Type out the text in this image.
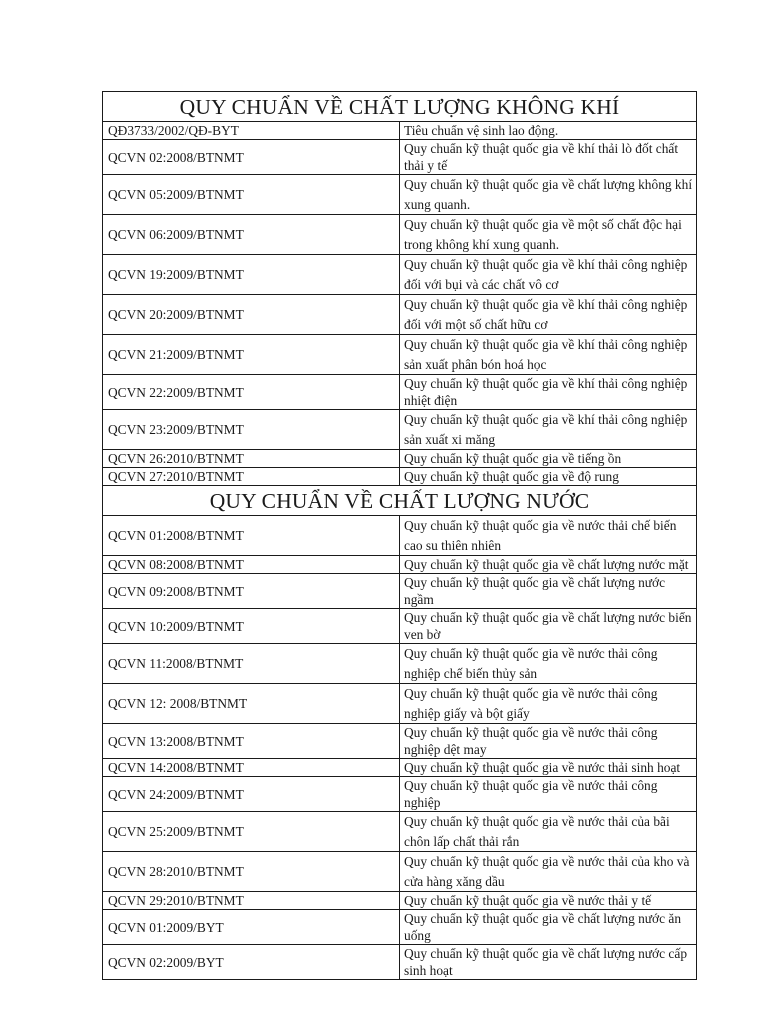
QUY CHUẨN VỀ CHẤT LƯỢNG KHÔNG KHÍ	
QĐ3733/2002/QĐ-BYT	Tiêu chuẩn vệ sinh lao động.
QCVN 02:2008/BTNMT	Quy chuẩn kỹ thuật quốc gia về khí thải lò đốt chất thải y tế
QCVN 05:2009/BTNMT	Quy chuẩn kỹ thuật quốc gia về chất lượng không khí xung quanh.
QCVN 06:2009/BTNMT	Quy chuẩn kỹ thuật quốc gia về một số chất độc hại trong không khí xung quanh.
QCVN 19:2009/BTNMT	Quy chuẩn kỹ thuật quốc gia về khí thải công nghiệp đối với bụi và các chất vô cơ
QCVN 20:2009/BTNMT	Quy chuẩn kỹ thuật quốc gia về khí thải công nghiệp đối với một số chất hữu cơ
QCVN 21:2009/BTNMT	Quy chuẩn kỹ thuật quốc gia về khí thải công nghiệp sản xuất phân bón hoá học
QCVN 22:2009/BTNMT	Quy chuẩn kỹ thuật quốc gia về khí thải công nghiệp nhiệt điện
QCVN 23:2009/BTNMT	Quy chuẩn kỹ thuật quốc gia về khí thải công nghiệp sản xuất xi măng
QCVN 26:2010/BTNMT	Quy chuẩn kỹ thuật quốc gia về tiếng ồn
QCVN 27:2010/BTNMT	Quy chuẩn kỹ thuật quốc gia về độ rung
QUY CHUẨN VỀ CHẤT LƯỢNG NƯỚC	
QCVN 01:2008/BTNMT	Quy chuẩn kỹ thuật quốc gia về nước thải chế biến cao su thiên nhiên
QCVN 08:2008/BTNMT	Quy chuẩn kỹ thuật quốc gia về chất lượng nước mặt
QCVN 09:2008/BTNMT	Quy chuẩn kỹ thuật quốc gia về chất lượng nước ngầm
QCVN 10:2009/BTNMT	Quy chuẩn kỹ thuật quốc gia về chất lượng nước biển ven bờ
QCVN 11:2008/BTNMT	Quy chuẩn kỹ thuật quốc gia về nước thải công nghiệp chế biến thủy sản
QCVN 12: 2008/BTNMT	Quy chuẩn kỹ thuật quốc gia về nước thải công nghiệp giấy và bột giấy
QCVN 13:2008/BTNMT	Quy chuẩn kỹ thuật quốc gia về nước thải công nghiệp dệt may
QCVN 14:2008/BTNMT	Quy chuẩn kỹ thuật quốc gia về nước thải sinh hoạt
QCVN 24:2009/BTNMT	Quy chuẩn kỹ thuật quốc gia về nước thải công nghiệp
QCVN 25:2009/BTNMT	Quy chuẩn kỹ thuật quốc gia về nước thải của bãi chôn lấp chất thải rắn
QCVN 28:2010/BTNMT	Quy chuẩn kỹ thuật quốc gia về nước thải của kho và cửa hàng xăng dầu
QCVN 29:2010/BTNMT	Quy chuẩn kỹ thuật quốc gia về nước thải y tế
QCVN 01:2009/BYT	Quy chuẩn kỹ thuật quốc gia về chất lượng nước ăn uống
QCVN 02:2009/BYT	Quy chuẩn kỹ thuật quốc gia về chất lượng nước cấp sinh hoạt
